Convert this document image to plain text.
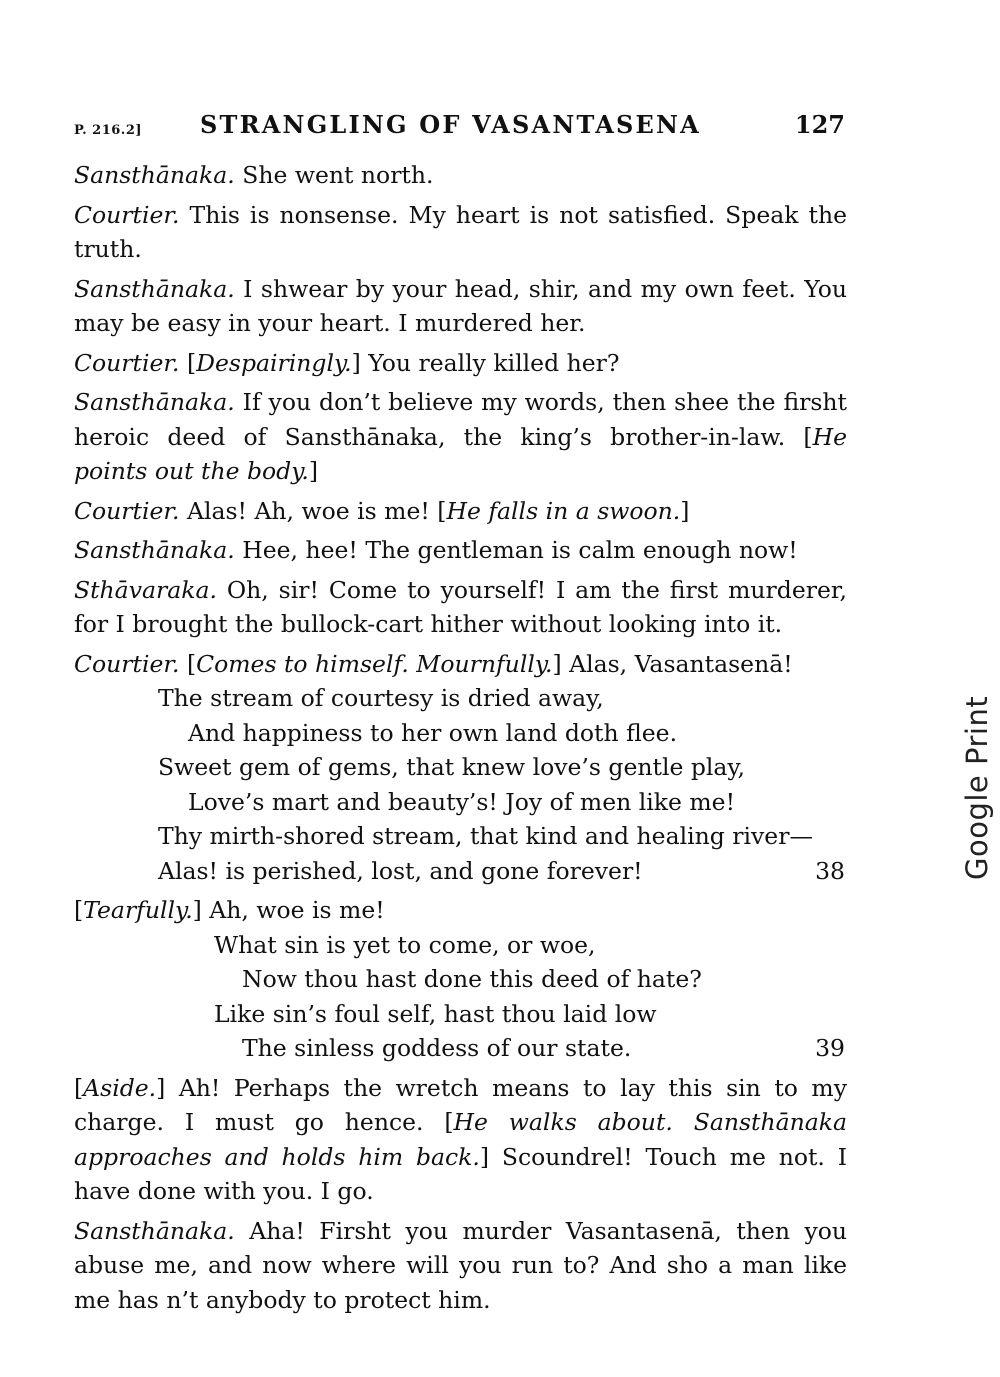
P. 216.2] STRANGLING OF VASANTASENA	127

Sansthānaka. She went north.

Courtier. This is nonsense. My heart is not satisfied. Speak the truth.

Sansthānaka. I shwear by your head, shir, and my own feet. You may be easy in your heart. I murdered her.

Courtier. [Despairingly.] You really killed her?

Sansthānaka. If you don’t believe my words, then shee the firsht heroic deed of Sansthānaka, the king’s brother-in-law. [He points out the body.]

Courtier. Alas! Ah, woe is me! [He falls in a swoon.]

Sansthānaka. Hee, hee! The gentleman is calm enough now!

Sthāvaraka. Oh, sir! Come to yourself! I am the first murderer, for I brought the bullock-cart hither without looking into it.

Courtier. [Comes to himself. Mournfully.] Alas, Vasantasenā!

The stream of courtesy is dried away,
And happiness to her own land doth flee.
Sweet gem of gems, that knew love’s gentle play,
Love’s mart and beauty’s! Joy of men like me!
Thy mirth-shored stream, that kind and healing river—
Alas! is perished, lost, and gone forever!	38

[Tearfully.] Ah, woe is me!

What sin is yet to come, or woe,
Now thou hast done this deed of hate?
Like sin’s foul self, hast thou laid low
The sinless goddess of our state.	39

[Aside.] Ah! Perhaps the wretch means to lay this sin to my charge. I must go hence. [He walks about. Sansthānaka approaches and holds him back.] Scoundrel! Touch me not. I have done with you. I go.

Sansthānaka. Aha! Firsht you murder Vasantasenā, then you abuse me, and now where will you run to? And sho a man like me has n’t anybody to protect him.

Google Print
